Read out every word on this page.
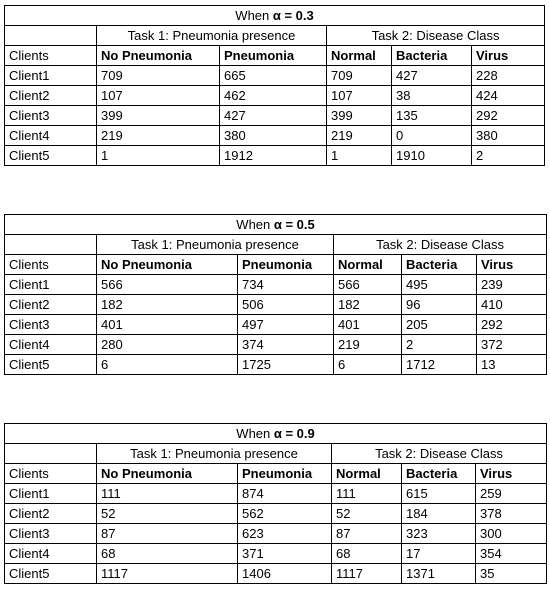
When α = 0.3					
	Task 1: Pneumonia presence		Task 2: Disease Class		
Clients	No Pneumonia	Pneumonia	Normal	Bacteria	Virus
Client1	709	665	709	427	228
Client2	107	462	107	38	424
Client3	399	427	399	135	292
Client4	219	380	219	0	380
Client5	1	1912	1	1910	2
When α = 0.5					
	Task 1: Pneumonia presence		Task 2: Disease Class		
Clients	No Pneumonia	Pneumonia	Normal	Bacteria	Virus
Client1	566	734	566	495	239
Client2	182	506	182	96	410
Client3	401	497	401	205	292
Client4	280	374	219	2	372
Client5	6	1725	6	1712	13
When α = 0.9					
	Task 1: Pneumonia presence		Task 2: Disease Class		
Clients	No Pneumonia	Pneumonia	Normal	Bacteria	Virus
Client1	111	874	111	615	259
Client2	52	562	52	184	378
Client3	87	623	87	323	300
Client4	68	371	68	17	354
Client5	1117	1406	1117	1371	35
